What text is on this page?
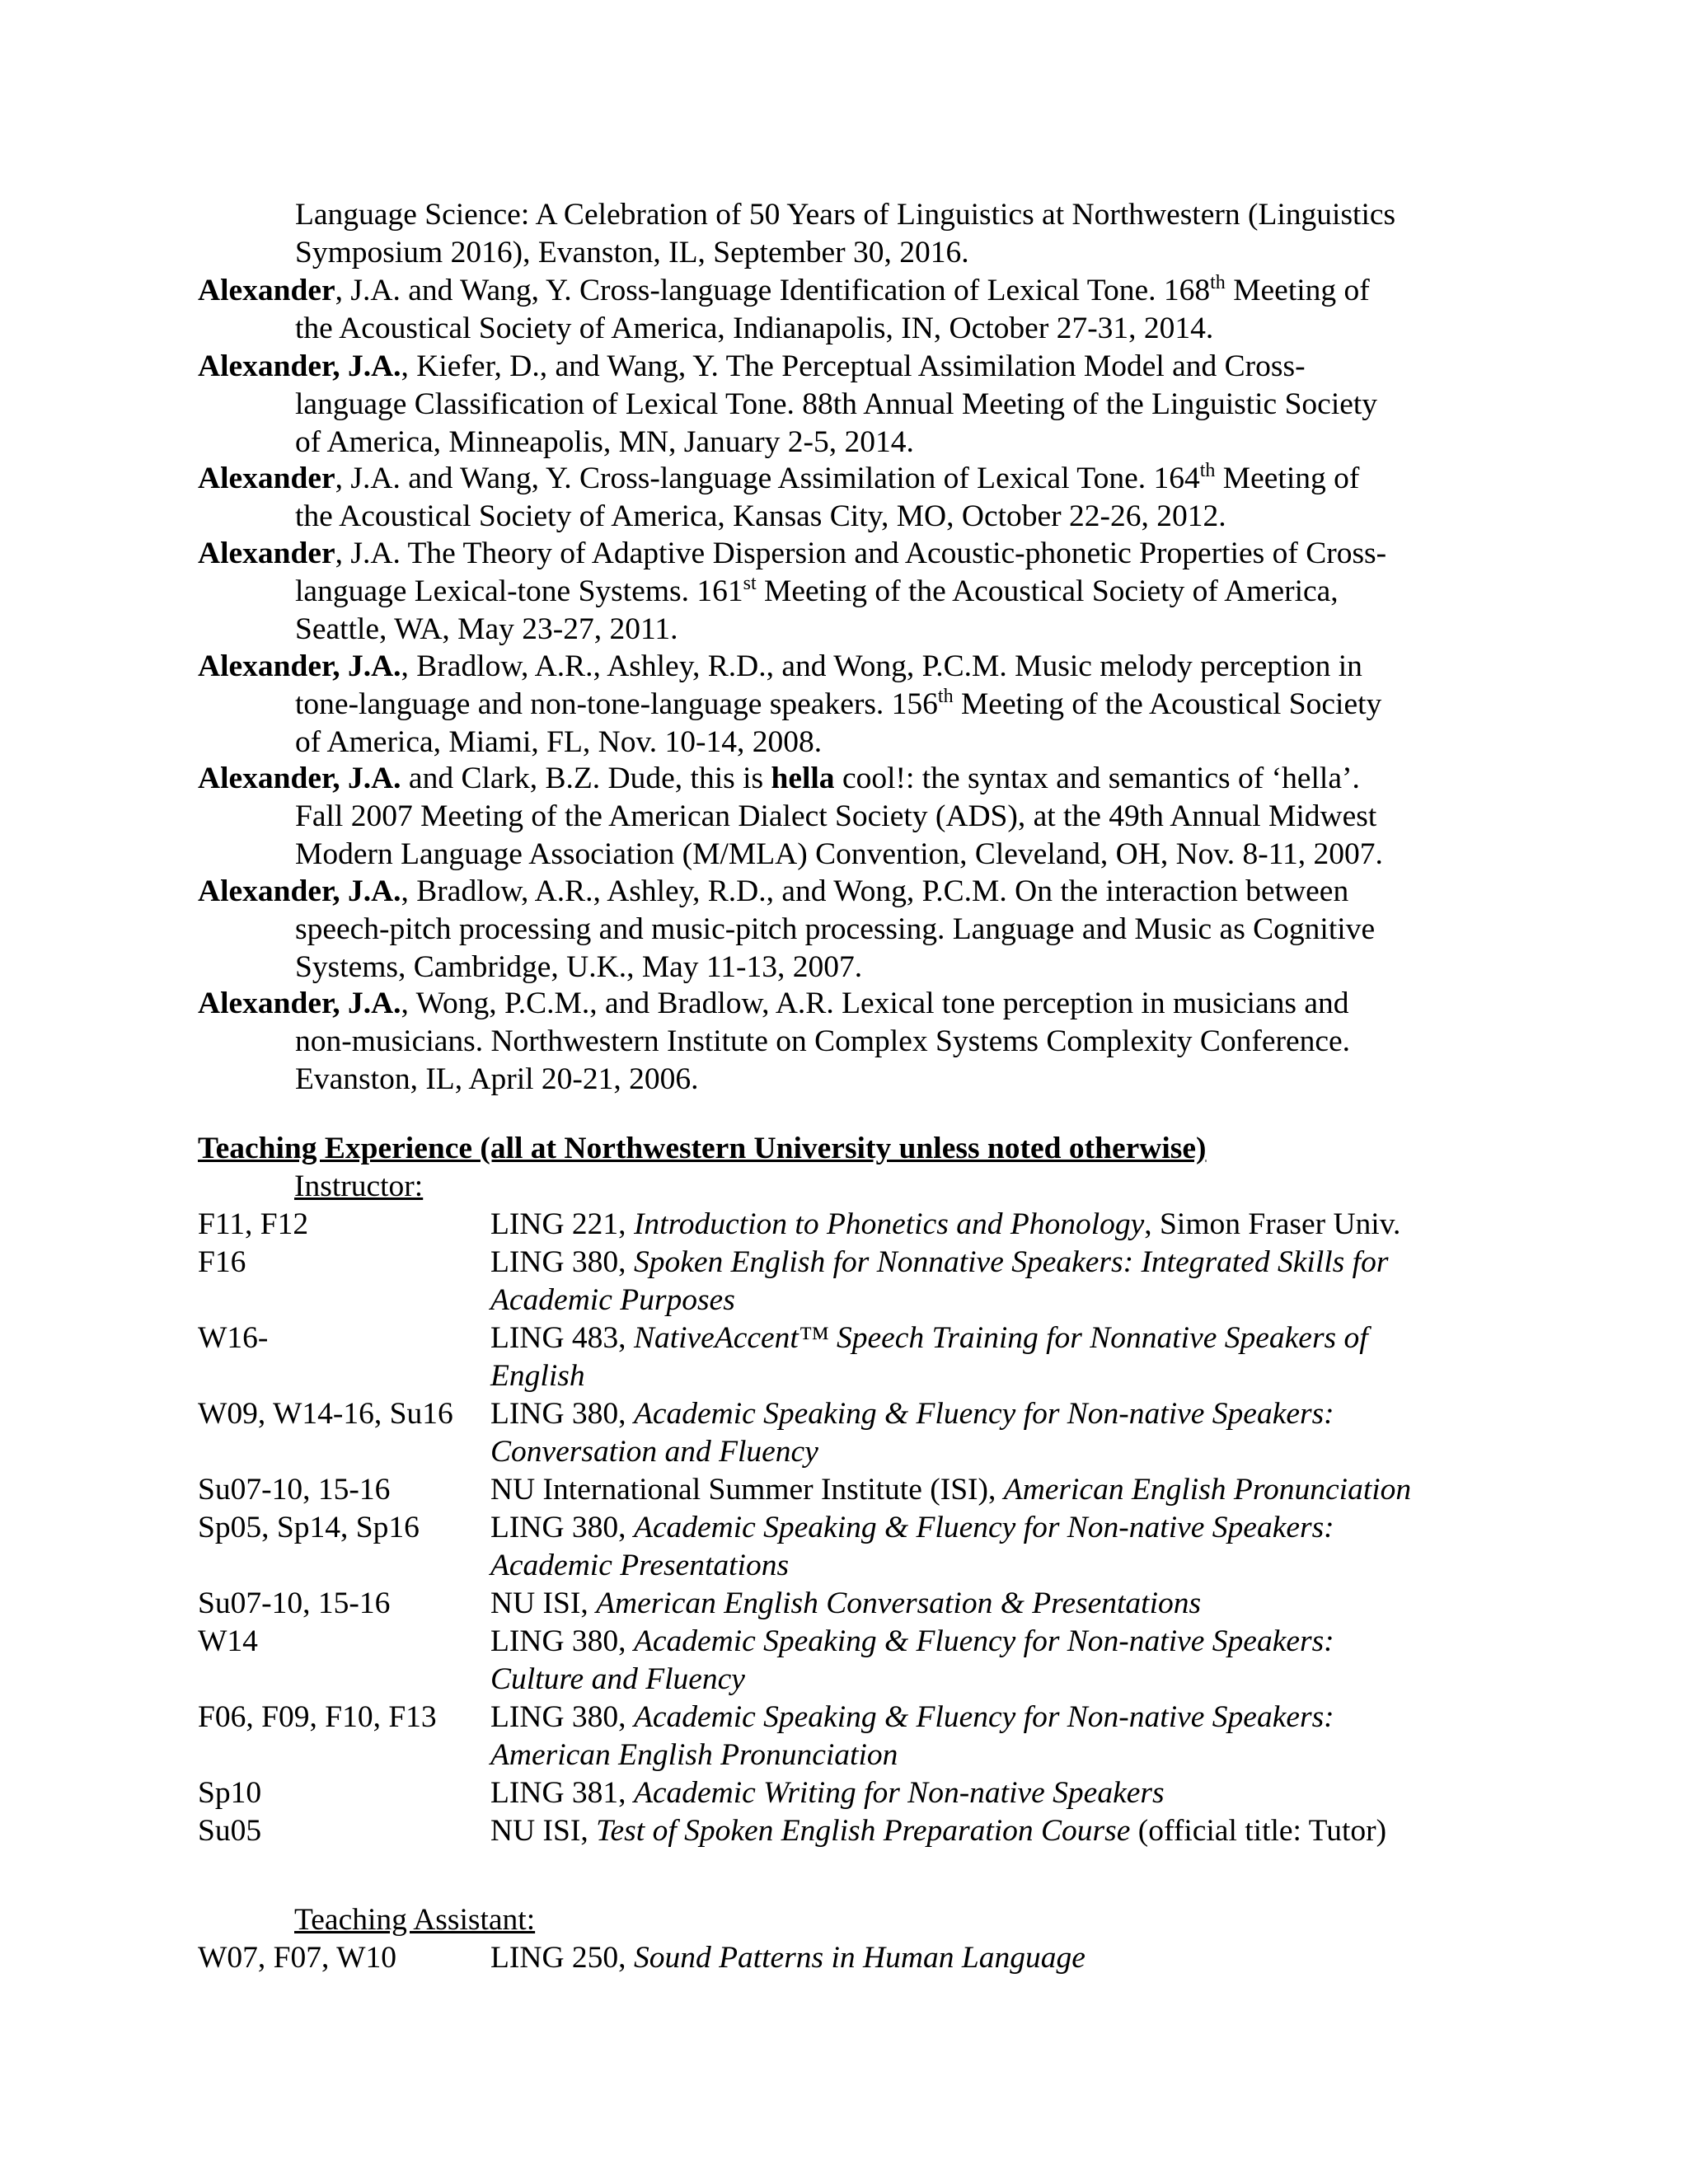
Language Science: A Celebration of 50 Years of Linguistics at Northwestern (Linguistics
Symposium 2016), Evanston, IL, September 30, 2016.
Alexander, J.A. and Wang, Y. Cross-language Identification of Lexical Tone. 168th Meeting of
the Acoustical Society of America, Indianapolis, IN, October 27-31, 2014.
Alexander, J.A., Kiefer, D., and Wang, Y. The Perceptual Assimilation Model and Cross-
language Classification of Lexical Tone. 88th Annual Meeting of the Linguistic Society
of America, Minneapolis, MN, January 2-5, 2014.
Alexander, J.A. and Wang, Y. Cross-language Assimilation of Lexical Tone. 164th Meeting of
the Acoustical Society of America, Kansas City, MO, October 22-26, 2012.
Alexander, J.A. The Theory of Adaptive Dispersion and Acoustic-phonetic Properties of Cross-
language Lexical-tone Systems. 161st Meeting of the Acoustical Society of America,
Seattle, WA, May 23-27, 2011.
Alexander, J.A., Bradlow, A.R., Ashley, R.D., and Wong, P.C.M. Music melody perception in
tone-language and non-tone-language speakers. 156th Meeting of the Acoustical Society
of America, Miami, FL, Nov. 10-14, 2008.
Alexander, J.A. and Clark, B.Z. Dude, this is hella cool!: the syntax and semantics of ‘hella’.
Fall 2007 Meeting of the American Dialect Society (ADS), at the 49th Annual Midwest
Modern Language Association (M/MLA) Convention, Cleveland, OH, Nov. 8-11, 2007.
Alexander, J.A., Bradlow, A.R., Ashley, R.D., and Wong, P.C.M. On the interaction between
speech-pitch processing and music-pitch processing. Language and Music as Cognitive
Systems, Cambridge, U.K., May 11-13, 2007.
Alexander, J.A., Wong, P.C.M., and Bradlow, A.R. Lexical tone perception in musicians and
non-musicians. Northwestern Institute on Complex Systems Complexity Conference.
Evanston, IL, April 20-21, 2006.
Teaching Experience (all at Northwestern University unless noted otherwise)
Instructor:
F11, F12	LING 221, Introduction to Phonetics and Phonology, Simon Fraser Univ.
F16	LING 380, Spoken English for Nonnative Speakers: Integrated Skills for
Academic Purposes
W16-	LING 483, NativeAccent™ Speech Training for Nonnative Speakers of
English
W09, W14-16, Su16 LING 380, Academic Speaking & Fluency for Non-native Speakers:
Conversation and Fluency
Su07-10, 15-16	NU International Summer Institute (ISI), American English Pronunciation
Sp05, Sp14, Sp16 LING 380, Academic Speaking & Fluency for Non-native Speakers:
Academic Presentations
Su07-10, 15-16	NU ISI, American English Conversation & Presentations
W14	LING 380, Academic Speaking & Fluency for Non-native Speakers:
Culture and Fluency
F06, F09, F10, F13 LING 380, Academic Speaking & Fluency for Non-native Speakers:
American English Pronunciation
Sp10	LING 381, Academic Writing for Non-native Speakers
Su05	NU ISI, Test of Spoken English Preparation Course (official title: Tutor)
Teaching Assistant:
W07, F07, W10	LING 250, Sound Patterns in Human Language
